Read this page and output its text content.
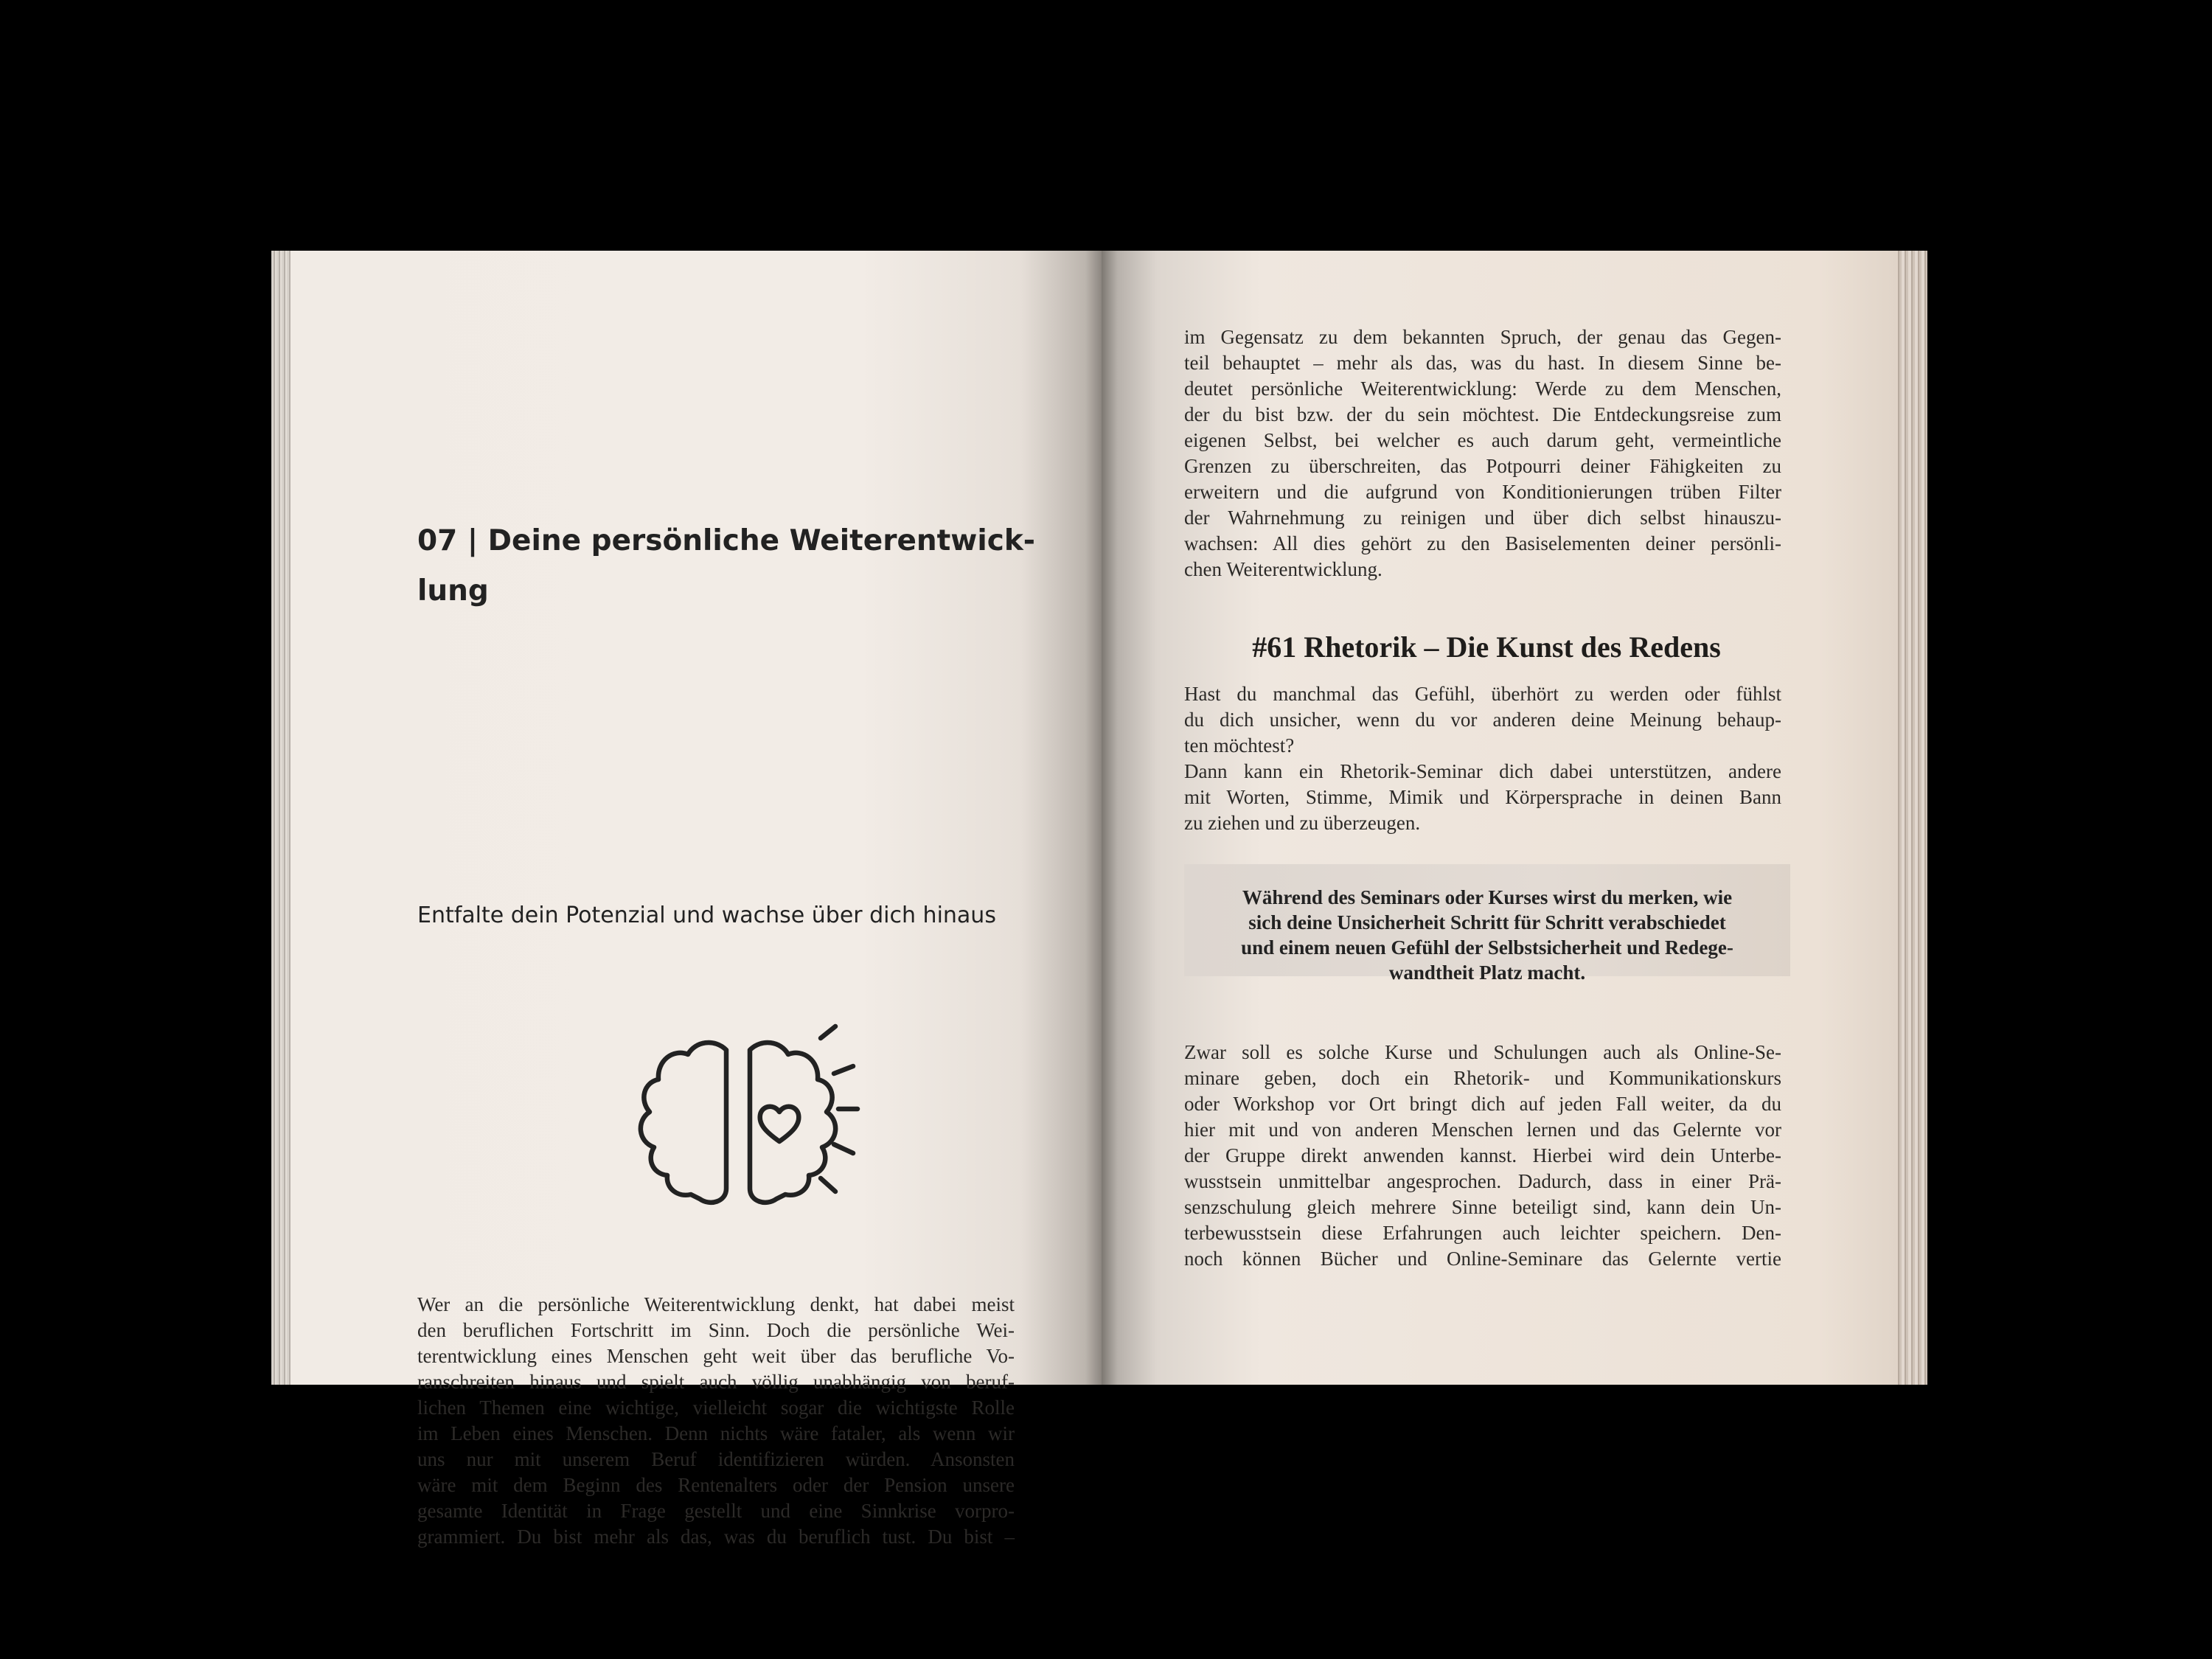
07 | Deine persönliche Weiterentwick-
lung
Entfalte dein Potenzial und wachse über dich hinaus
Wer an die persönliche Weiterentwicklung denkt, hat dabei meist
den beruflichen Fortschritt im Sinn. Doch die persönliche Wei-
terentwicklung eines Menschen geht weit über das berufliche Vo-
ranschreiten hinaus und spielt auch völlig unabhängig von beruf-
lichen Themen eine wichtige, vielleicht sogar die wichtigste Rolle
im Leben eines Menschen. Denn nichts wäre fataler, als wenn wir
uns nur mit unserem Beruf identifizieren würden. Ansonsten
wäre mit dem Beginn des Rentenalters oder der Pension unsere
gesamte Identität in Frage gestellt und eine Sinnkrise vorpro-
grammiert. Du bist mehr als das, was du beruflich tust. Du bist –
im Gegensatz zu dem bekannten Spruch, der genau das Gegen-
teil behauptet – mehr als das, was du hast. In diesem Sinne be-
deutet persönliche Weiterentwicklung: Werde zu dem Menschen,
der du bist bzw. der du sein möchtest. Die Entdeckungsreise zum
eigenen Selbst, bei welcher es auch darum geht, vermeintliche
Grenzen zu überschreiten, das Potpourri deiner Fähigkeiten zu
erweitern und die aufgrund von Konditionierungen trüben Filter
der Wahrnehmung zu reinigen und über dich selbst hinauszu-
wachsen: All dies gehört zu den Basiselementen deiner persönli-
chen Weiterentwicklung.
#61 Rhetorik – Die Kunst des Redens
Hast du manchmal das Gefühl, überhört zu werden oder fühlst
du dich unsicher, wenn du vor anderen deine Meinung behaup-
ten möchtest?
Dann kann ein Rhetorik-Seminar dich dabei unterstützen, andere
mit Worten, Stimme, Mimik und Körpersprache in deinen Bann
zu ziehen und zu überzeugen.
Während des Seminars oder Kurses wirst du merken, wie
sich deine Unsicherheit Schritt für Schritt verabschiedet
und einem neuen Gefühl der Selbstsicherheit und Redege-
wandtheit Platz macht.
Zwar soll es solche Kurse und Schulungen auch als Online-Se-
minare geben, doch ein Rhetorik- und Kommunikationskurs
oder Workshop vor Ort bringt dich auf jeden Fall weiter, da du
hier mit und von anderen Menschen lernen und das Gelernte vor
der Gruppe direkt anwenden kannst. Hierbei wird dein Unterbe-
wusstsein unmittelbar angesprochen. Dadurch, dass in einer Prä-
senzschulung gleich mehrere Sinne beteiligt sind, kann dein Un-
terbewusstsein diese Erfahrungen auch leichter speichern. Den-
noch können Bücher und Online-Seminare das Gelernte vertie
